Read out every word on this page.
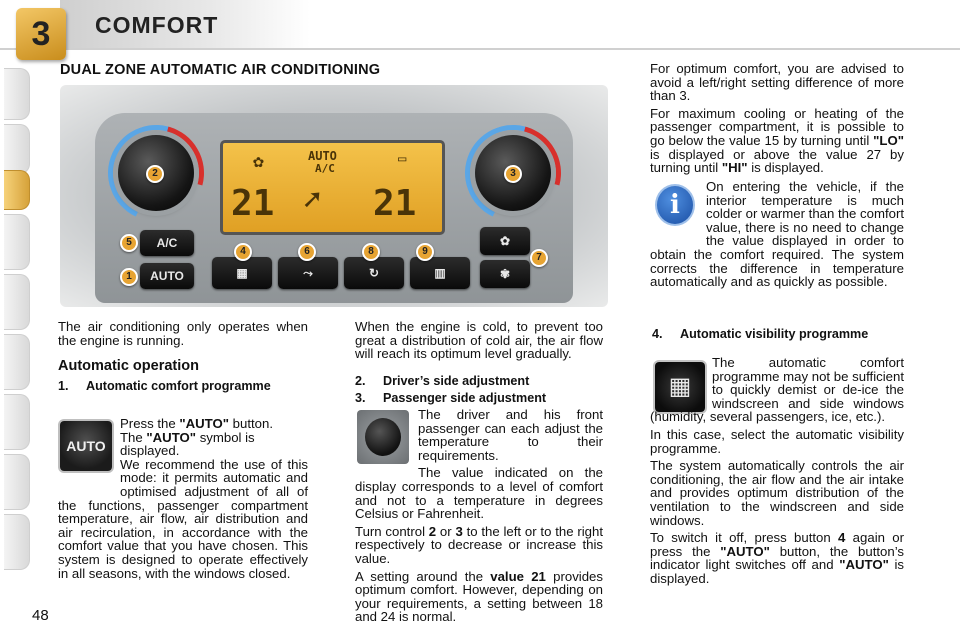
3	COMFORT
DUAL ZONE AUTOMATIC AIR CONDITIONING
✿	AUTO
A/C
▭
21 ➚ 21
A/C
AUTO	▦	⤳	↻	▥
✿
✾
1
2	3
4
5
6
7
8	9
The air conditioning only operates when the engine is running.
Automatic operation
1. Automatic comfort programme
AUTO
Press the "AUTO" button.
The "AUTO" symbol is displayed.
We recommend the use of this mode: it permits automatic and optimised adjustment of all of the functions, passenger compartment temperature, air flow, air distribution and air recirculation, in accordance with the comfort value that you have chosen. This system is designed to operate effectively in all seasons, with the windows closed.
When the engine is cold, to prevent too great a distribution of cold air, the air flow will reach its optimum level gradually.
2. Driver’s side adjustment
3. Passenger side adjustment

The driver and his front passenger can each adjust the temperature to their requirements.

The value indicated on the display corresponds to a level of comfort and not to a temperature in degrees Celsius or Fahrenheit.

Turn control 2 or 3 to the left or to the right respectively to decrease or increase this value.

A setting around the value 21 provides optimum comfort. However, depending on your requirements, a setting between 18 and 24 is normal.

For optimum comfort, you are advised to avoid a left/right setting difference of more than 3.

For maximum cooling or heating of the passenger compartment, it is possible to go below the value 15 by turning until "LO" is displayed or above the value 27 by turning until "HI" is displayed.

i
On entering the vehicle, if the interior temperature is much colder or warmer than the comfort value, there is no need to change the value displayed in order to obtain the comfort required. The system corrects the difference in temperature automatically and as quickly as possible.
4. Automatic visibility programme
▦

The automatic comfort programme may not be sufficient to quickly demist or de-ice the windscreen and side windows (humidity, several passengers, ice, etc.).

In this case, select the automatic visibility programme.

The system automatically controls the air conditioning, the air flow and the air intake and provides optimum distribution of the ventilation to the windscreen and side windows.

To switch it off, press button 4 again or press the "AUTO" button, the button’s indicator light switches off and "AUTO" is displayed.

48
